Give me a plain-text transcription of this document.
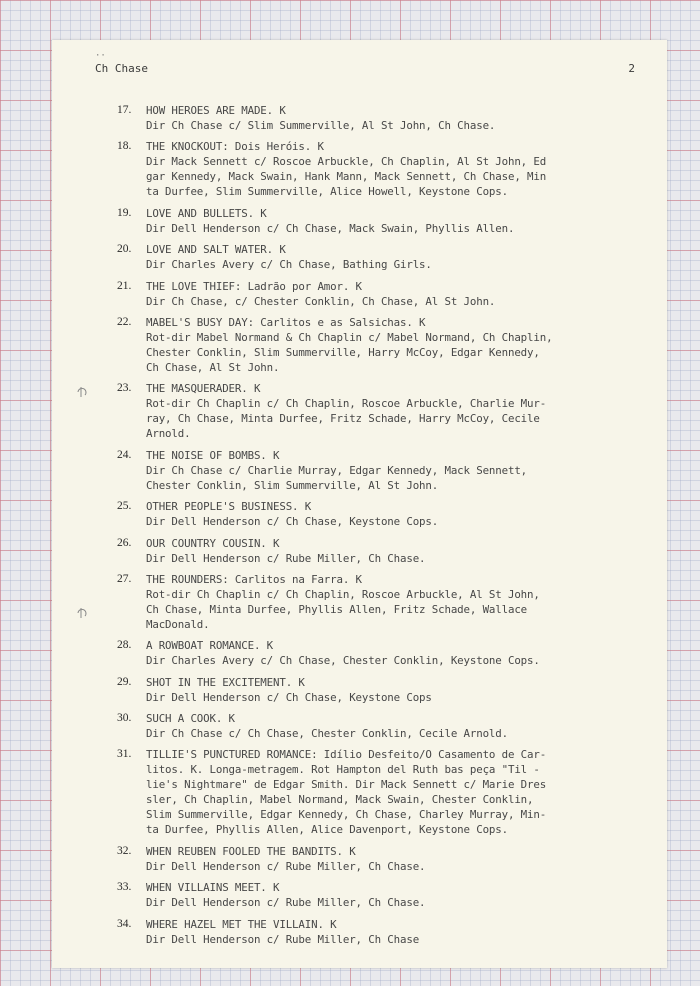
·· Ch Chase	2
17. HOW HEROES ARE MADE. K
Dir Ch Chase c/ Slim Summerville, Al St John, Ch Chase.
18. THE KNOCKOUT: Dois Heróis. K
Dir Mack Sennett c/ Roscoe Arbuckle, Ch Chaplin, Al St John, Ed
gar Kennedy, Mack Swain, Hank Mann, Mack Sennett, Ch Chase, Min
ta Durfee, Slim Summerville, Alice Howell, Keystone Cops.
19. LOVE AND BULLETS. K
Dir Dell Henderson c/ Ch Chase, Mack Swain, Phyllis Allen.
20. LOVE AND SALT WATER. K
Dir Charles Avery c/ Ch Chase, Bathing Girls.
21. THE LOVE THIEF: Ladrão por Amor. K
Dir Ch Chase, c/ Chester Conklin, Ch Chase, Al St John.
22. MABEL'S BUSY DAY: Carlitos e as Salsichas. K
Rot-dir Mabel Normand & Ch Chaplin c/ Mabel Normand, Ch Chaplin,
Chester Conklin, Slim Summerville, Harry McCoy, Edgar Kennedy,
Ch Chase, Al St John.
23. THE MASQUERADER. K
Rot-dir Ch Chaplin c/ Ch Chaplin, Roscoe Arbuckle, Charlie Mur-
ray, Ch Chase, Minta Durfee, Fritz Schade, Harry McCoy, Cecile
Arnold.
24. THE NOISE OF BOMBS. K
Dir Ch Chase c/ Charlie Murray, Edgar Kennedy, Mack Sennett,
Chester Conklin, Slim Summerville, Al St John.
25. OTHER PEOPLE'S BUSINESS. K
Dir Dell Henderson c/ Ch Chase, Keystone Cops.
26. OUR COUNTRY COUSIN. K
Dir Dell Henderson c/ Rube Miller, Ch Chase.
27. THE ROUNDERS: Carlitos na Farra. K
Rot-dir Ch Chaplin c/ Ch Chaplin, Roscoe Arbuckle, Al St John,
Ch Chase, Minta Durfee, Phyllis Allen, Fritz Schade, Wallace
MacDonald.
28. A ROWBOAT ROMANCE. K
Dir Charles Avery c/ Ch Chase, Chester Conklin, Keystone Cops.
29. SHOT IN THE EXCITEMENT. K
Dir Dell Henderson c/ Ch Chase, Keystone Cops
30. SUCH A COOK. K
Dir Ch Chase c/ Ch Chase, Chester Conklin, Cecile Arnold.
31. TILLIE'S PUNCTURED ROMANCE: Idílio Desfeito/O Casamento de Car-
litos. K. Longa-metragem. Rot Hampton del Ruth bas peça "Til -
lie's Nightmare" de Edgar Smith. Dir Mack Sennett c/ Marie Dres
sler, Ch Chaplin, Mabel Normand, Mack Swain, Chester Conklin,
Slim Summerville, Edgar Kennedy, Ch Chase, Charley Murray, Min-
ta Durfee, Phyllis Allen, Alice Davenport, Keystone Cops.
32. WHEN REUBEN FOOLED THE BANDITS. K
Dir Dell Henderson c/ Rube Miller, Ch Chase.
33. WHEN VILLAINS MEET. K
Dir Dell Henderson c/ Rube Miller, Ch Chase.
34. WHERE HAZEL MET THE VILLAIN. K
Dir Dell Henderson c/ Rube Miller, Ch Chase
